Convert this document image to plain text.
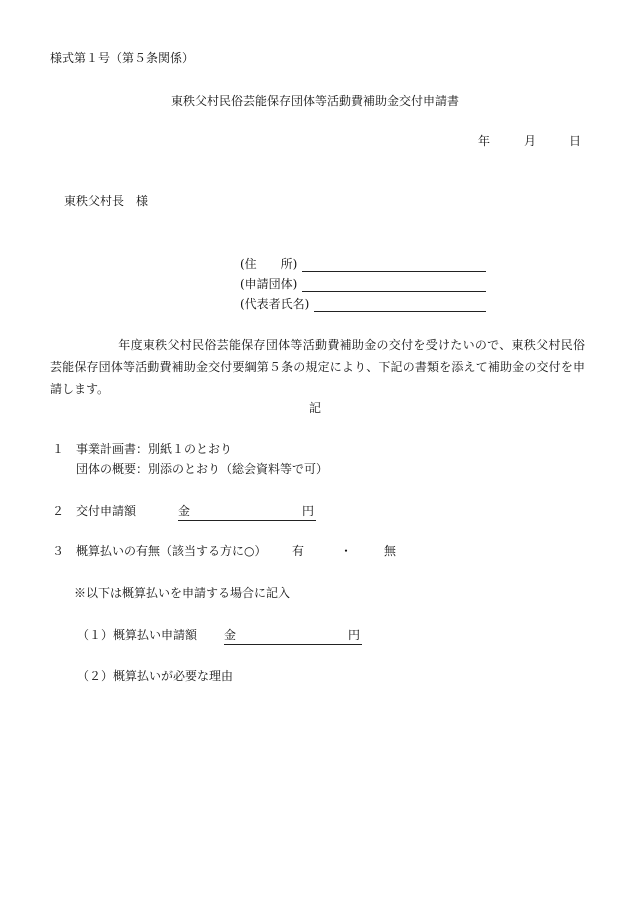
様式第１号（第５条関係）
東秩父村民俗芸能保存団体等活動費補助金交付申請書
年	月	日
東秩父村長　様
(住　　所)
(申請団体)
(代表者氏名)
年度東秩父村民俗芸能保存団体等活動費補助金の交付を受けたいので、東秩父村民俗芸能保存団体等活動費補助金交付要綱第５条の規定により、下記の書類を添えて補助金の交付を申請します。
記
１ 事業計画書：別紙１のとおり
団体の概要：別添のとおり（総会資料等で可）
２ 交付申請額	金	円
３ 概算払いの有無（該当する方に○） 有	・	無
※以下は概算払いを申請する場合に記入
（１）概算払い申請額 金	円
（２）概算払いが必要な理由
